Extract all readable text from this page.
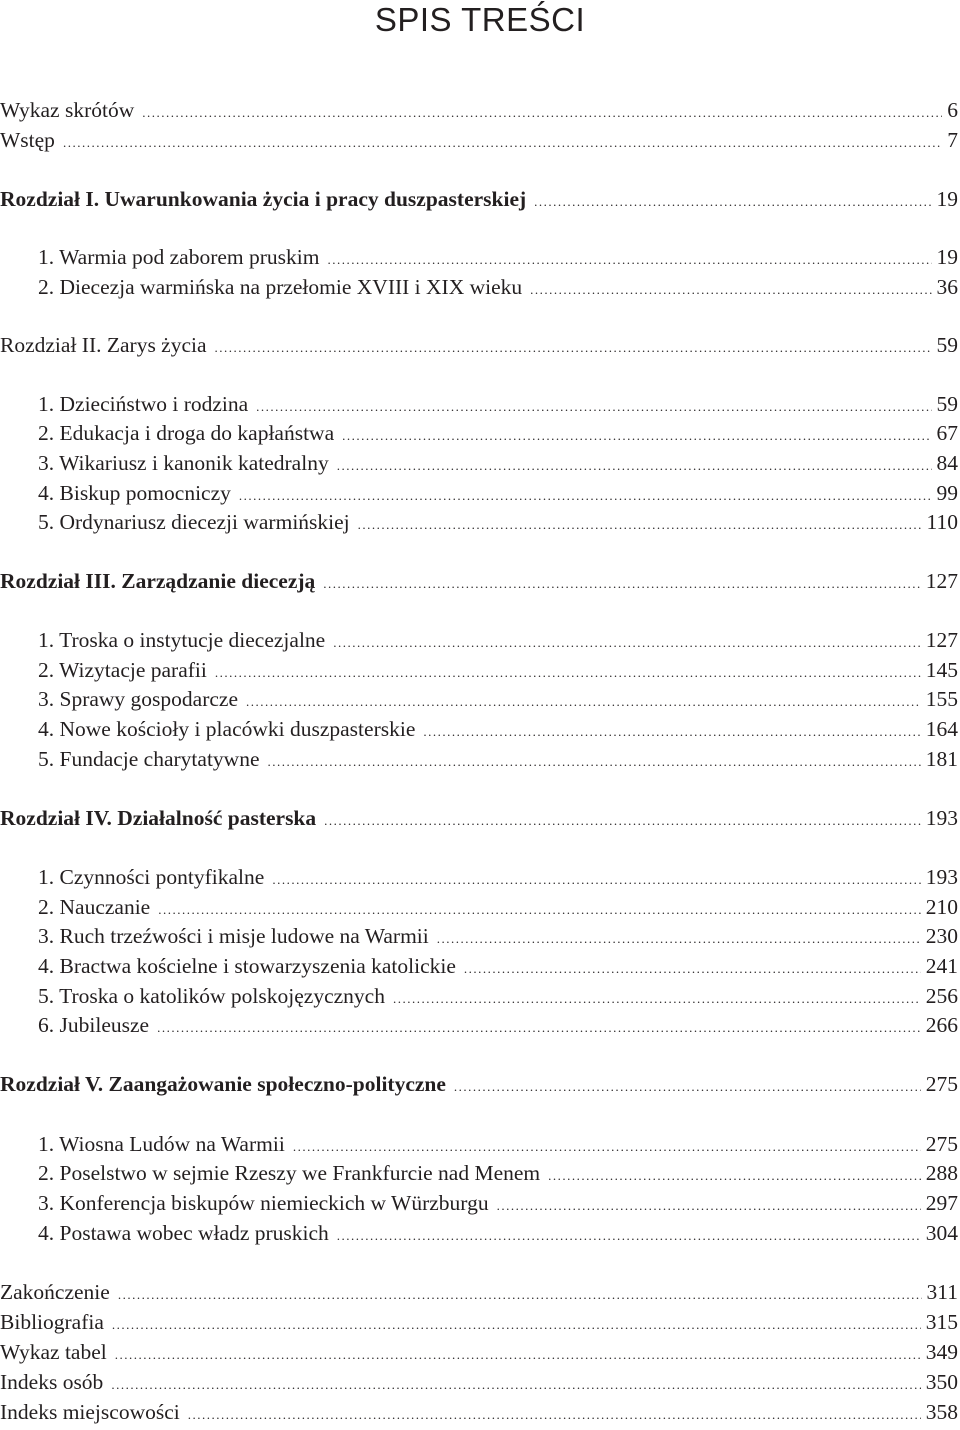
SPIS TREŚCI
Wykaz skrótów .....	6
Wstęp .....	7
Rozdział I. Uwarunkowania życia i pracy duszpasterskiej .....	19
1. Warmia pod zaborem pruskim .....	19
2. Diecezja warmińska na przełomie XVIII i XIX wieku .....	36
Rozdział II. Zarys życia .....	59
1. Dzieciństwo i rodzina .....	59
2. Edukacja i droga do kapłaństwa .....	67
3. Wikariusz i kanonik katedralny .....	84
4. Biskup pomocniczy .....	99
5. Ordynariusz diecezji warmińskiej .....	110
Rozdział III. Zarządzanie diecezją .....	127
1. Troska o instytucje diecezjalne .....	127
2. Wizytacje parafii .....	145
3. Sprawy gospodarcze .....	155
4. Nowe kościoły i placówki duszpasterskie .....	164
5. Fundacje charytatywne .....	181
Rozdział IV. Działalność pasterska .....	193
1. Czynności pontyfikalne .....	193
2. Nauczanie .....	210
3. Ruch trzeźwości i misje ludowe na Warmii .....	230
4. Bractwa kościelne i stowarzyszenia katolickie .....	241
5. Troska o katolików polskojęzycznych .....	256
6. Jubileusze .....	266
Rozdział V. Zaangażowanie społeczno-polityczne .....	275
1. Wiosna Ludów na Warmii .....	275
2. Poselstwo w sejmie Rzeszy we Frankfurcie nad Menem .....	288
3. Konferencja biskupów niemieckich w Würzburgu .....	297
4. Postawa wobec władz pruskich .....	304
Zakończenie .....	311
Bibliografia .....	315
Wykaz tabel .....	349
Indeks osób .....	350
Indeks miejscowości .....	358
